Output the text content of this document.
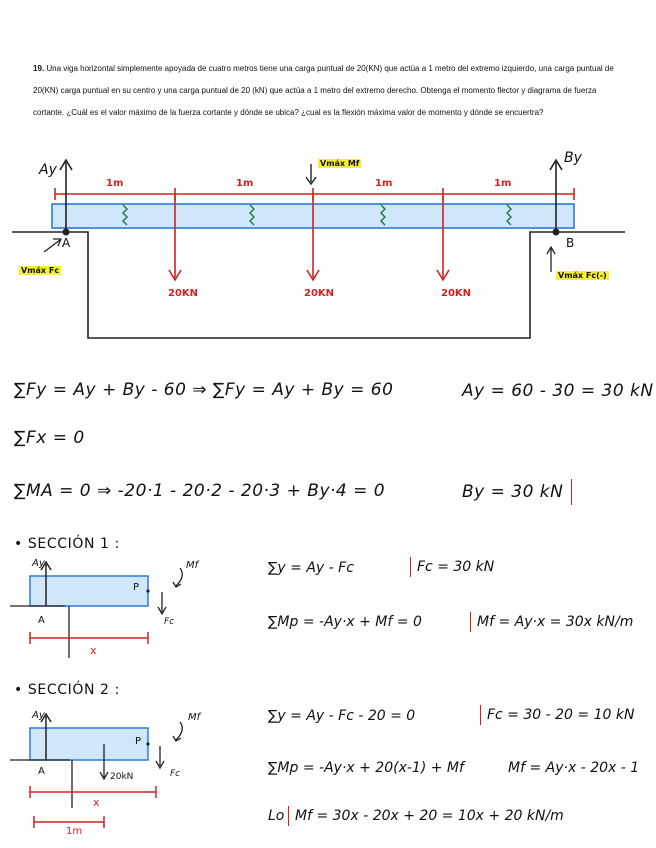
19. Una viga horizontal simplemente apoyada de cuatro metros tiene una carga puntual de 20(KN) que actúa a 1 metro del extremo izquierdo, una carga puntual de 20(KN) carga puntual en su centro y una carga puntual de 20 (kN) que actúa a 1 metro del extremo derecho. Obtenga el momento flector y diagrama de fuerza cortante. ¿Cuál es el valor máximo de la fuerza cortante y dónde se ubica? ¿cual es la flexión máxima valor de momento y dónde se encuertra?
Ay
By
Vmáx Mf
1m	1m	1m	1m
20KN	20KN	20KN
A	B
Vmáx Fc
Vmáx Fc(-)
∑Fy = Ay + By - 60 ⇒ ∑Fy = Ay + By = 60	Ay = 60 - 30 = 30 kN
∑Fx = 0
∑MA = 0 ⇒ -20·1 - 20·2 - 20·3 + By·4 = 0	By = 30 kN
• SECCIÓN 1 :
Ay
P
Mf
Fc
A
x
∑y = Ay - Fc	Fc = 30 kN
∑Mp = -Ay·x + Mf = 0	Mf = Ay·x = 30x kN/m
• SECCIÓN 2 :
Ay
P
Mf
Fc
A	20kN
x
1m
∑y = Ay - Fc - 20 = 0	Fc = 30 - 20 = 10 kN
∑Mp = -Ay·x + 20(x-1) + Mf	Mf = Ay·x - 20x - 1
Lo Mf = 30x - 20x + 20 = 10x + 20 kN/m
